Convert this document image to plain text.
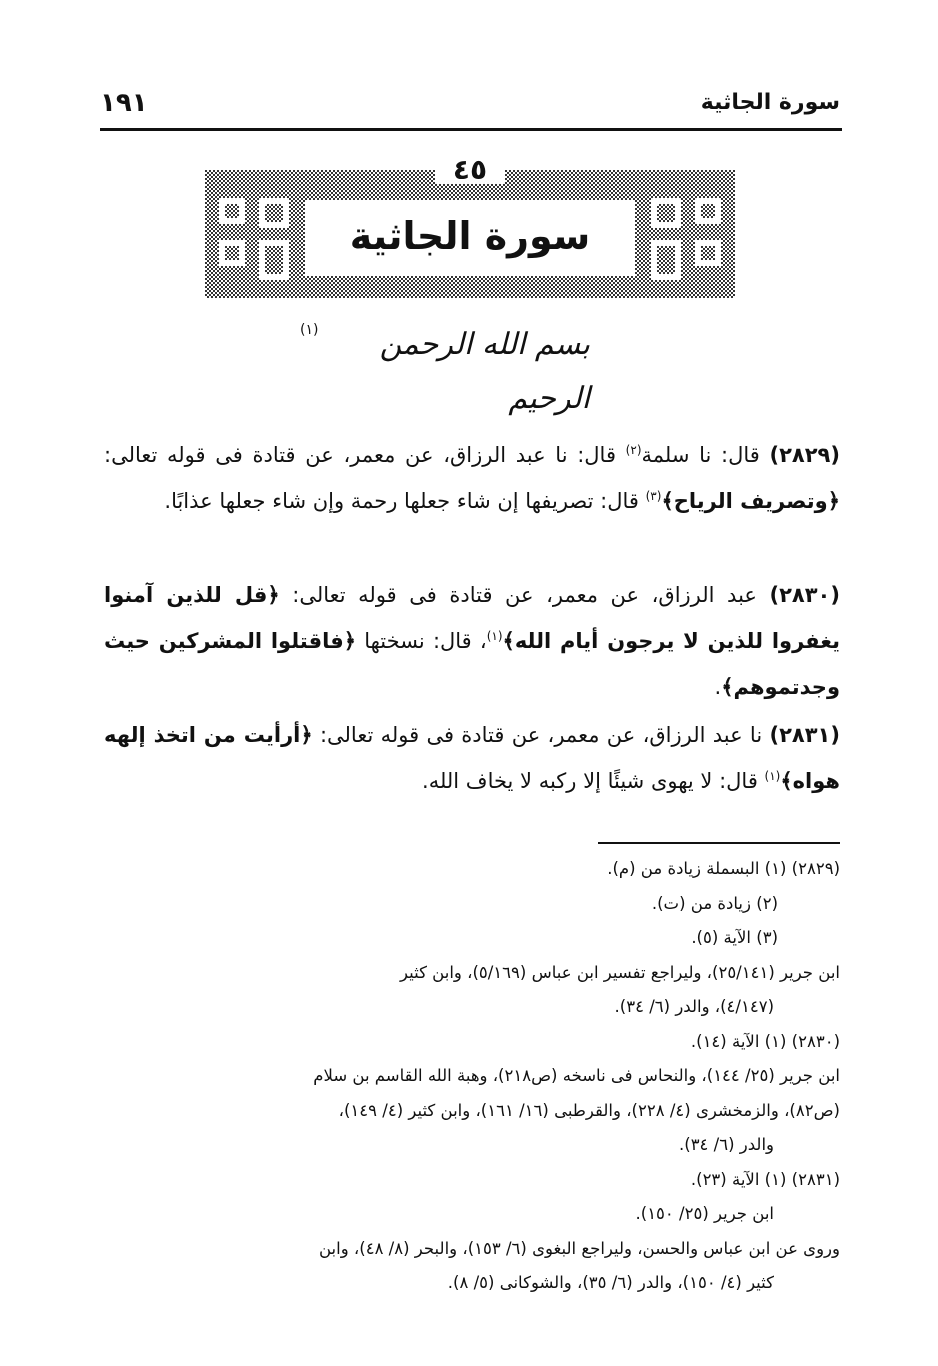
سورة الجاثية
١٩١
٤٥
سورة الجاثية
بسم الله الرحمن الرحيم
(١)

(٢٨٢٩) قال: نا سلمة$^{(٢)}$ قال: نا عبد الرزاق، عن معمر، عن قتادة فى قوله تعالى: ﴿وتصريف الرياح﴾$^{(٣)}$ قال: تصريفها إن شاء جعلها رحمة وإن شاء جعلها عذابًا.

(٢٨٣٠) عبد الرزاق، عن معمر، عن قتادة فى قوله تعالى: ﴿قل للذين آمنوا يغفروا للذين لا يرجون أيام الله﴾$^{(١)}$، قال: نسختها ﴿فاقتلوا المشركين حيث وجدتموهم﴾.

(٢٨٣١) نا عبد الرزاق، عن معمر، عن قتادة فى قوله تعالى: ﴿أرأيت من اتخذ إلهه هواه﴾$^{(١)}$ قال: لا يهوى شيئًا إلا ركبه لا يخاف الله.

(٢٨٢٩) (١) البسملة زيادة من (م).

(٢) زيادة من (ت).

(٣) الآية (٥).

ابن جرير (٢٥/١٤١)، وليراجع تفسير ابن عباس (٥/١٦٩)، وابن كثير

(٤/١٤٧)، والدر (٦/ ٣٤).

(٢٨٣٠) (١) الآية (١٤).

ابن جرير (٢٥/ ١٤٤)، والنحاس فى ناسخه (ص٢١٨)، وهبة الله القاسم بن سلام

(ص٨٢)، والزمخشرى (٤/ ٢٢٨)، والقرطبى (١٦/ ١٦١)، وابن كثير (٤/ ١٤٩)،

والدر (٦/ ٣٤).

(٢٨٣١) (١) الآية (٢٣).

ابن جرير (٢٥/ ١٥٠).

وروى عن ابن عباس والحسن، وليراجع البغوى (٦/ ١٥٣)، والبحر (٨/ ٤٨)، وابن

كثير (٤/ ١٥٠)، والدر (٦/ ٣٥)، والشوكانى (٥/ ٨).
